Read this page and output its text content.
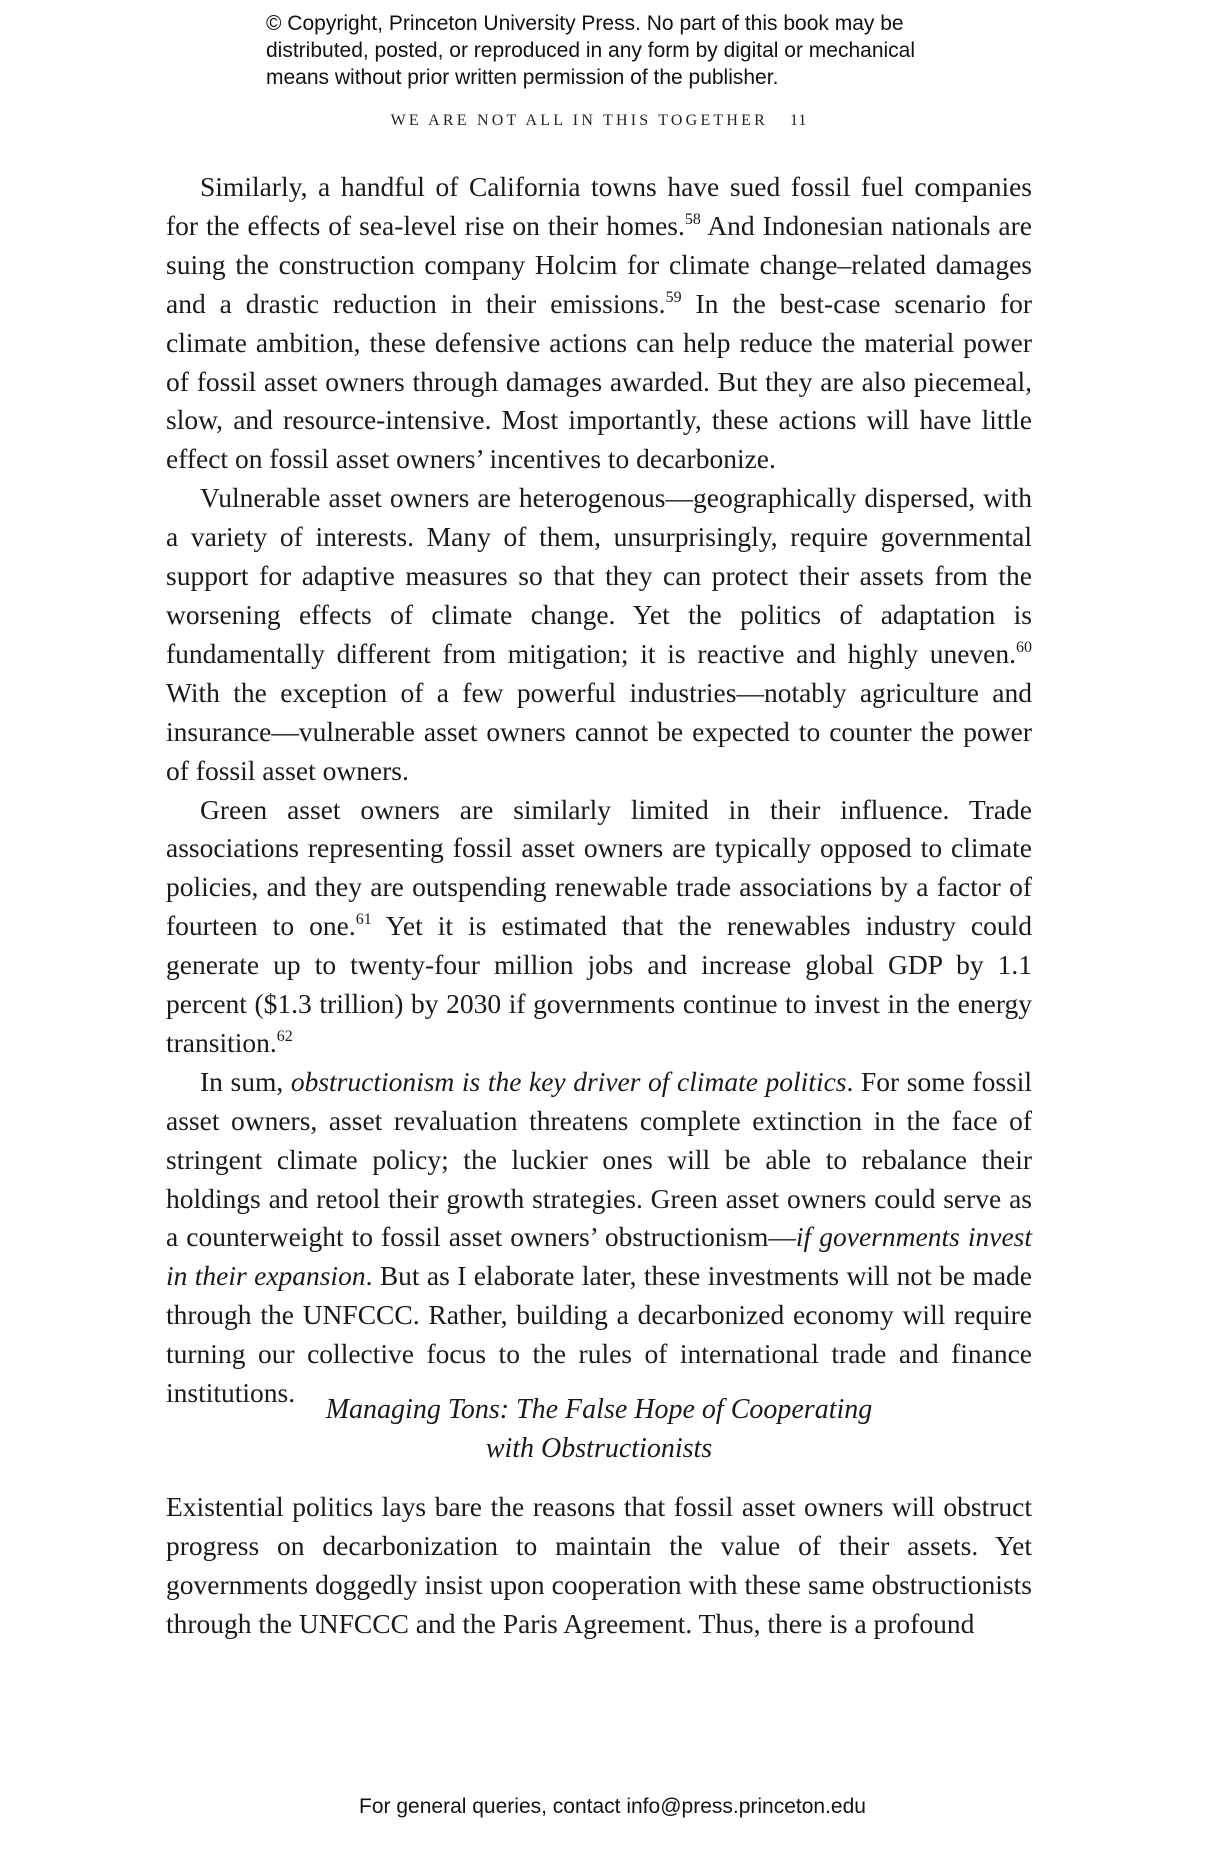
© Copyright, Princeton University Press. No part of this book may be

distributed, posted, or reproduced in any form by digital or mechanical

means without prior written permission of the publisher.

WE ARE NOT ALL IN THIS TOGETHER 11

Similarly, a handful of California towns have sued fossil fuel companies for the effects of sea-level rise on their homes.$^{58}$ And Indonesian nationals are suing the construction company Holcim for climate change–related damages and a drastic reduction in their emissions.$^{59}$ In the best-case scenario for climate ambition, these defensive actions can help reduce the material power of fossil asset owners through damages awarded. But they are also piecemeal, slow, and resource-intensive. Most importantly, these actions will have little effect on fossil asset owners’ incentives to decarbonize.

Vulnerable asset owners are heterogenous—geographically dispersed, with a variety of interests. Many of them, unsurprisingly, require governmental support for adaptive measures so that they can protect their assets from the worsening effects of climate change. Yet the politics of adaptation is fundamentally different from mitigation; it is reactive and highly uneven.$^{60}$ With the exception of a few powerful industries—notably agriculture and insurance—vulnerable asset owners cannot be expected to counter the power of fossil asset owners.

Green asset owners are similarly limited in their influence. Trade associations representing fossil asset owners are typically opposed to climate policies, and they are outspending renewable trade associations by a factor of fourteen to one.$^{61}$ Yet it is estimated that the renewables industry could generate up to twenty-four million jobs and increase global GDP by 1.1 percent ($1.3 trillion) by 2030 if governments continue to invest in the energy transition.$^{62}$

In sum, obstructionism is the key driver of climate politics. For some fossil asset owners, asset revaluation threatens complete extinction in the face of stringent climate policy; the luckier ones will be able to rebalance their holdings and retool their growth strategies. Green asset owners could serve as a counterweight to fossil asset owners’ obstructionism—if governments invest in their expansion. But as I elaborate later, these investments will not be made through the UNFCCC. Rather, building a decarbonized economy will require turning our collective focus to the rules of international trade and finance institutions.

Managing Tons: The False Hope of Cooperating
with Obstructionists

Existential politics lays bare the reasons that fossil asset owners will obstruct progress on decarbonization to maintain the value of their assets. Yet governments doggedly insist upon cooperation with these same obstructionists through the UNFCCC and the Paris Agreement. Thus, there is a profound

For general queries, contact info@press.princeton.edu
